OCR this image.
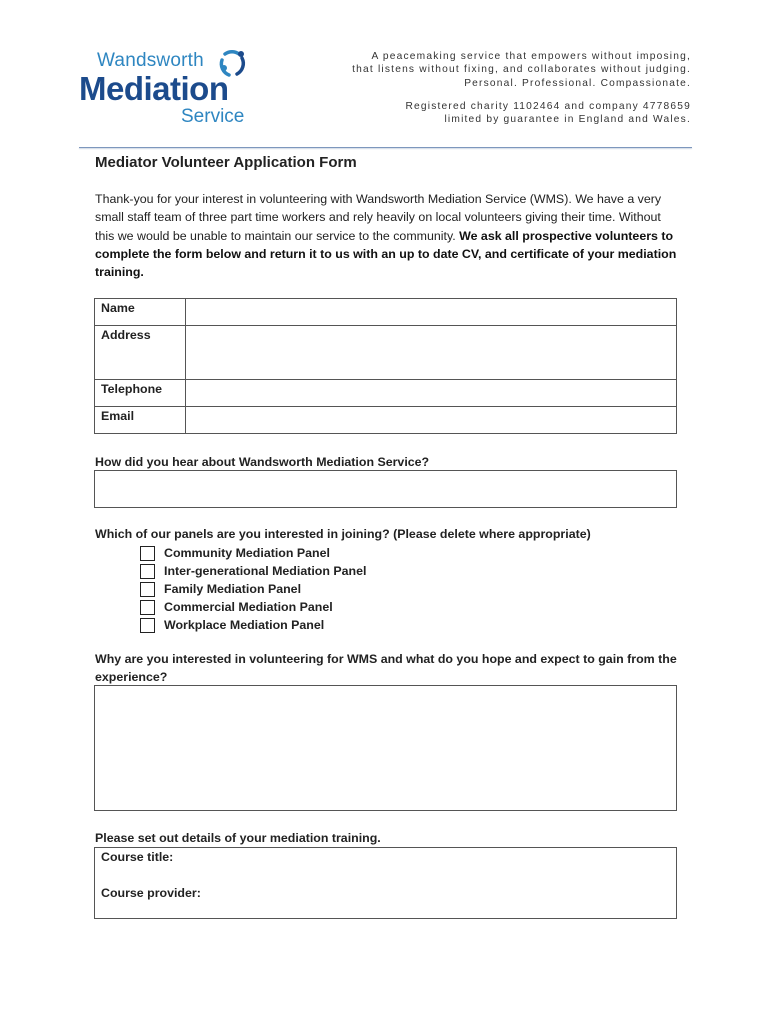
Wandsworth
Mediation
Service

A peacemaking service that empowers without imposing,

that listens without fixing, and collaborates without judging.

Personal. Professional. Compassionate.

Registered charity 1102464 and company 4778659

limited by guarantee in England and Wales.

Mediator Volunteer Application Form
Thank-you for your interest in volunteering with Wandsworth Mediation Service (WMS). We have a very small staff team of three part time workers and rely heavily on local volunteers giving their time. Without this we would be unable to maintain our service to the community. We ask all prospective volunteers to complete the form below and return it to us with an up to date CV, and certificate of your mediation training.
Name	
Address	
Telephone	
Email	
How did you hear about Wandsworth Mediation Service?
Which of our panels are you interested in joining? (Please delete where appropriate)
Community Mediation Panel
Inter-generational Mediation Panel
Family Mediation Panel
Commercial Mediation Panel
Workplace Mediation Panel
Why are you interested in volunteering for WMS and what do you hope and expect to gain from the experience?
Please set out details of your mediation training.
Course title:
Course provider:
